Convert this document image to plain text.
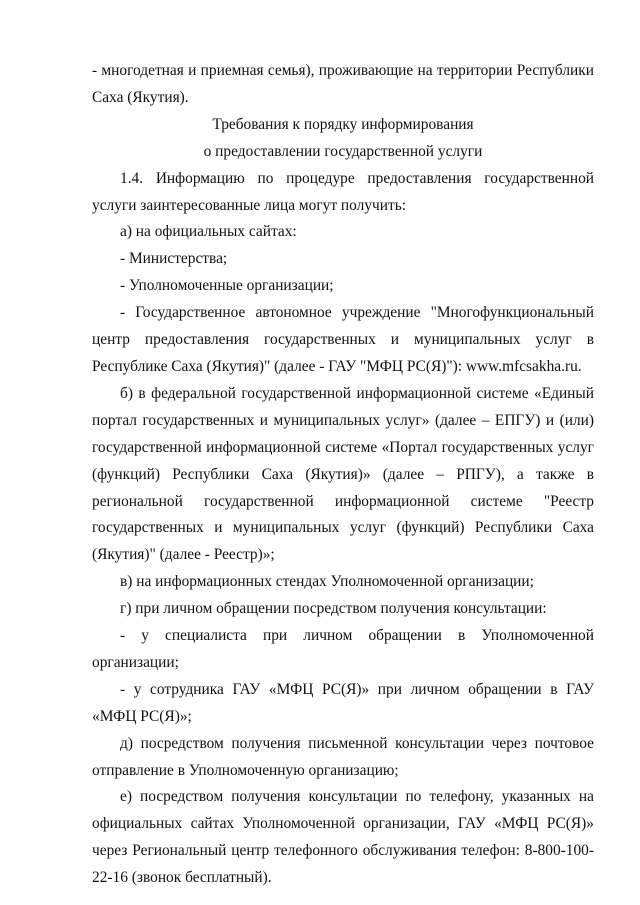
- многодетная и приемная семья), проживающие на территории Республики Саха (Якутия).

Требования к порядку информирования

о предоставлении государственной услуги

1.4. Информацию по процедуре предоставления государственной услуги заинтересованные лица могут получить:

а) на официальных сайтах:

- Министерства;

- Уполномоченные организации;

- Государственное автономное учреждение "Многофункциональный центр предоставления государственных и муниципальных услуг в Республике Саха (Якутия)" (далее - ГАУ "МФЦ РС(Я)"): www.mfcsakha.ru.

б) в федеральной государственной информационной системе «Единый портал государственных и муниципальных услуг» (далее – ЕПГУ) и (или) государственной информационной системе «Портал государственных услуг (функций) Республики Саха (Якутия)» (далее – РПГУ), а также в региональной государственной информационной системе "Реестр государственных и муниципальных услуг (функций) Республики Саха (Якутия)" (далее - Реестр)»;

в) на информационных стендах Уполномоченной организации;

г) при личном обращении посредством получения консультации:

- у специалиста при личном обращении в Уполномоченной организации;

- у сотрудника ГАУ «МФЦ РС(Я)» при личном обращении в ГАУ «МФЦ РС(Я)»;

д) посредством получения письменной консультации через почтовое отправление в Уполномоченную организацию;

е) посредством получения консультации по телефону, указанных на официальных сайтах Уполномоченной организации, ГАУ «МФЦ РС(Я)» через Региональный центр телефонного обслуживания телефон: 8-800-100-22-16 (звонок бесплатный).
